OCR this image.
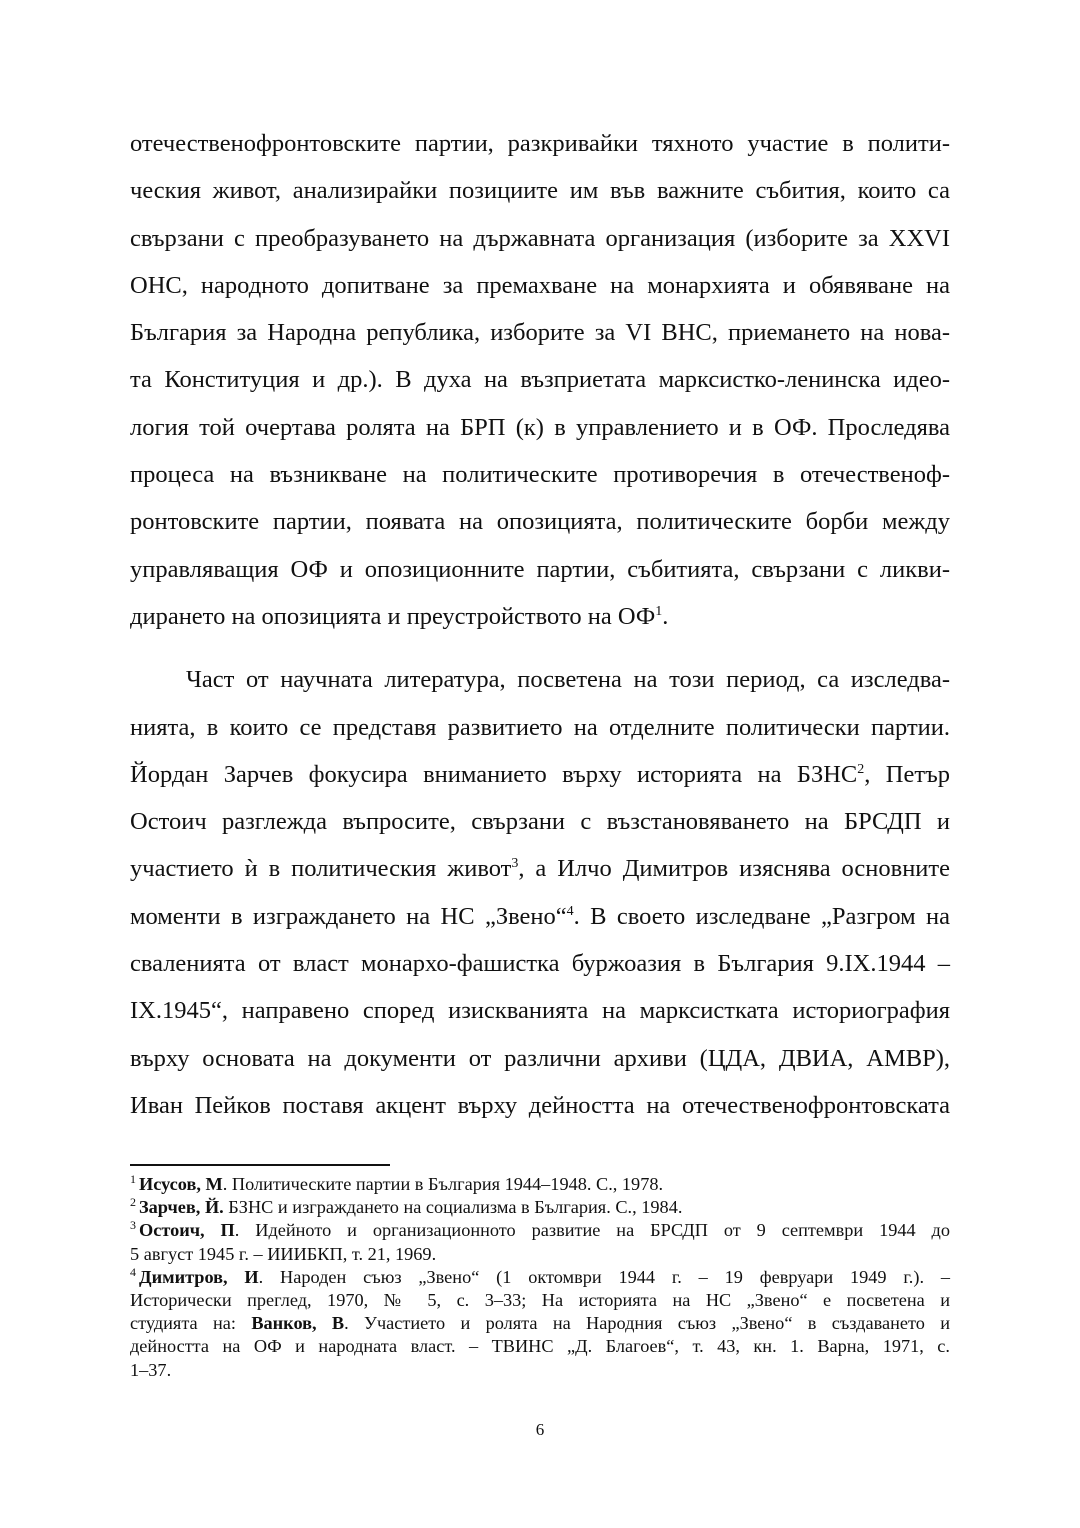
отечественофронтовските партии, разкривайки тяхното участие в полити-
ческия живот, анализирайки позициите им във важните събития, които са
свързани с преобразуването на държавната организация (изборите за XXVI
ОНС, народното допитване за премахване на монархията и обявяване на
България за Народна република, изборите за VI ВНС, приемането на нова-
та Конституция и др.). В духа на възприетата марксистко-ленинска идео-
логия той очертава ролята на БРП (к) в управлението и в ОФ. Проследява
процеса на възникване на политическите противоречия в отечественоф-
ронтовските партии, появата на опозицията, политическите борби между
управляващия ОФ и опозиционните партии, събитията, свързани с ликви-
дирането на опозицията и преустройството на ОФ$^1$.
Част от научната литература, посветена на този период, са изследва-
нията, в които се представя развитието на отделните политически партии.
Йордан Зарчев фокусира вниманието върху историята на БЗНС$^2$, Петър
Остоич разглежда въпросите, свързани с възстановяването на БРСДП и
участието ѝ в политическия живот$^3$, а Илчо Димитров изяснява основните
моменти в изграждането на НС „Звено“$^4$. В своето изследване „Разгром на
сваленията от власт монархо-фашистка буржоазия в България 9.IX.1944 –
IX.1945“, направено според изискванията на марксистката историография
върху основата на документи от различни архиви (ЦДА, ДВИА, АМВР),
Иван Пейков поставя акцент върху дейността на отечественофронтовската
$^1$ Исусов, М. Политическите партии в България 1944–1948. С., 1978.
$^2$ Зарчев, Й. БЗНС и изграждането на социализма в България. С., 1984.
$^3$ Остоич, П. Идейното и организационното развитие на БРСДП от 9 септември 1944 до
5 август 1945 г. – ИИИБКП, т. 21, 1969.
$^4$ Димитров, И. Народен съюз „Звено“ (1 октомври 1944 г. – 19 февруари 1949 г.). –
Исторически преглед, 1970, № 5, с. 3–33; На историята на НС „Звено“ е посветена и
студията на: Ванков, В. Участието и ролята на Народния съюз „Звено“ в създаването и
дейността на ОФ и народната власт. – ТВИНС „Д. Благоев“, т. 43, кн. 1. Варна, 1971, с.
1–37.
6
